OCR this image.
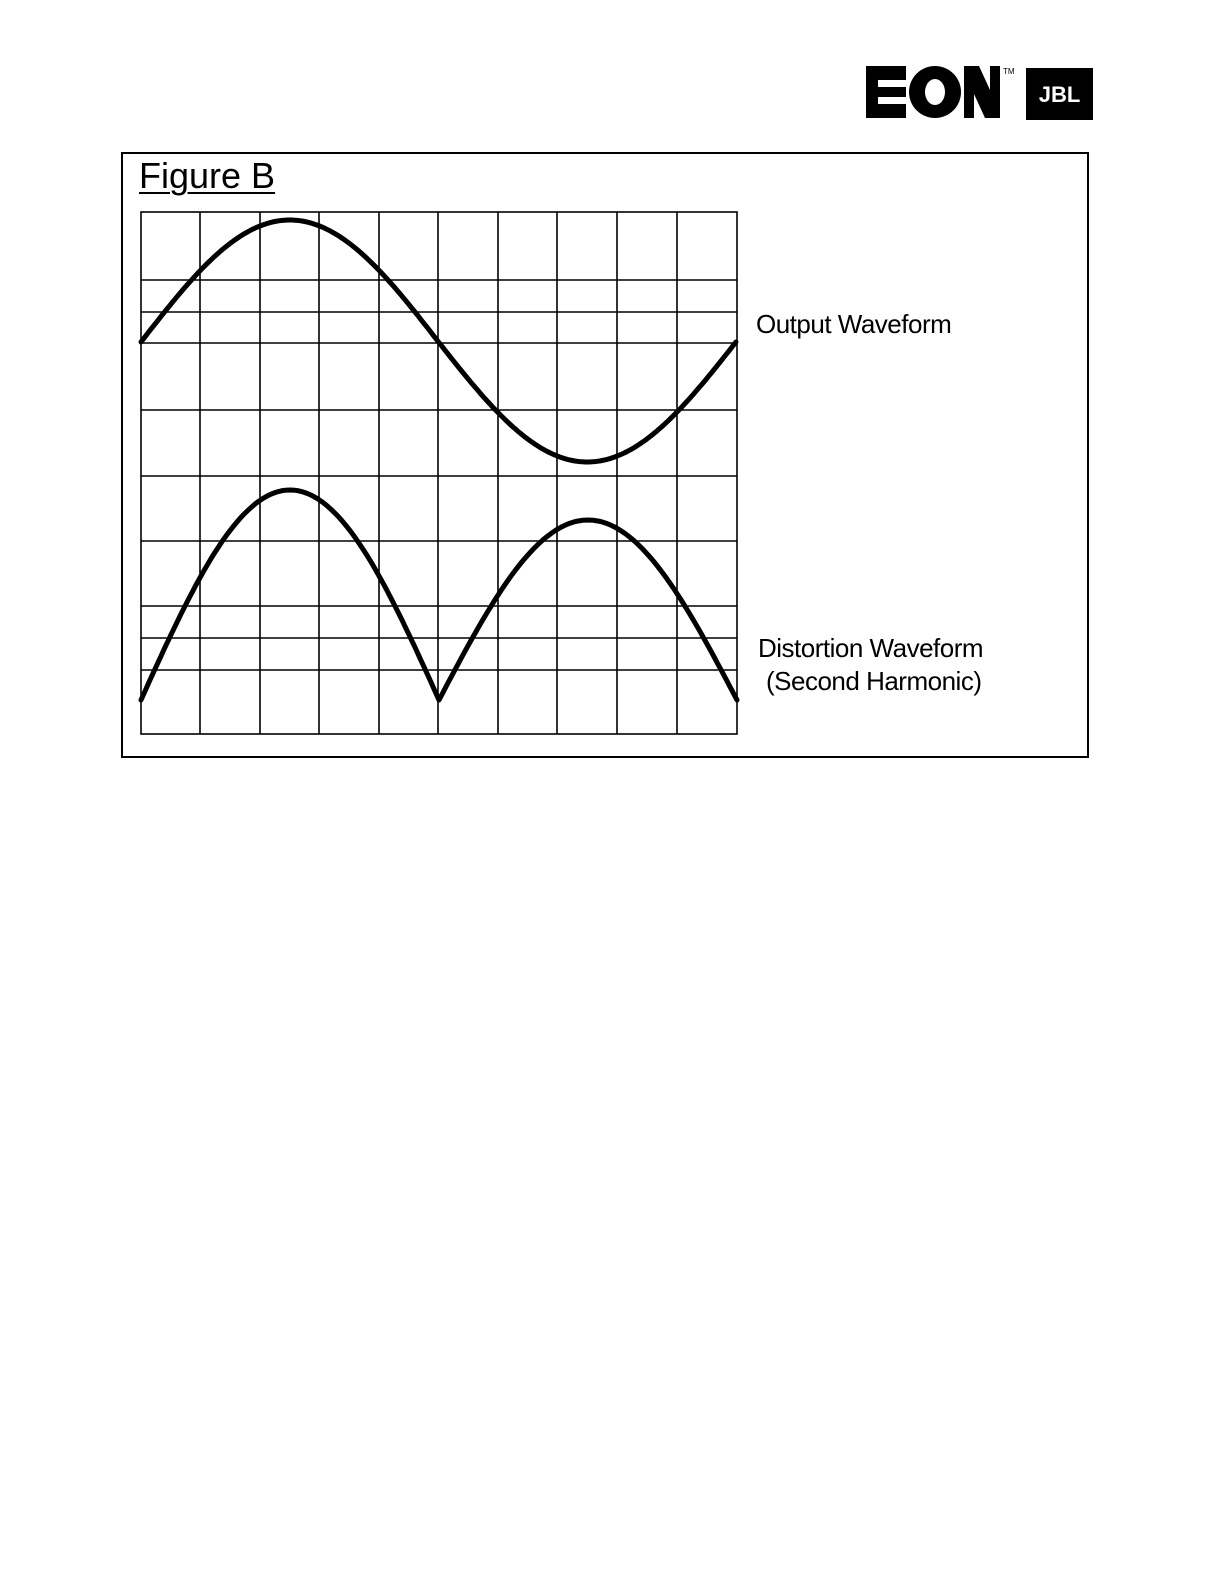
TM
JBL
Figure B
Output Waveform
Distortion Waveform
(Second Harmonic)
